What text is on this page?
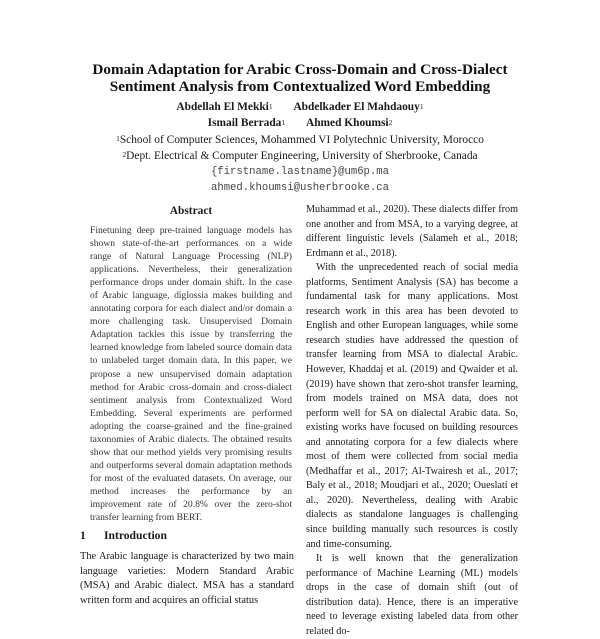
Domain Adaptation for Arabic Cross-Domain and Cross-Dialect
Sentiment Analysis from Contextualized Word Embedding
Abdellah El Mekki$^1$ Abdelkader El Mahdaouy$^1$
Ismail Berrada$^1$ Ahmed Khoumsi$^2$
$^1$School of Computer Sciences, Mohammed VI Polytechnic University, Morocco
$^2$Dept. Electrical & Computer Engineering, University of Sherbrooke, Canada
{firstname.lastname}@um6p.ma
ahmed.khoumsi@usherbrooke.ca
Abstract
Finetuning deep pre-trained language models has shown state-of-the-art performances on a wide range of Natural Language Processing (NLP) applications. Nevertheless, their generalization performance drops under domain shift. In the case of Arabic language, diglossia makes building and annotating corpora for each dialect and/or domain a more challenging task. Unsupervised Domain Adaptation tackles this issue by transferring the learned knowledge from labeled source domain data to unlabeled target domain data. In this paper, we propose a new unsupervised domain adaptation method for Arabic cross-domain and cross-dialect sentiment analysis from Contextualized Word Embedding. Several experiments are performed adopting the coarse-grained and the fine-grained taxonomies of Arabic dialects. The obtained results show that our method yields very promising results and outperforms several domain adaptation methods for most of the evaluated datasets. On average, our method increases the performance by an improvement rate of 20.8% over the zero-shot transfer learning from BERT.
1 Introduction
The Arabic language is characterized by two main language varieties: Modern Standard Arabic (MSA) and Arabic dialect. MSA has a standard written form and acquires an official status

Muhammad et al., 2020). These dialects differ from one another and from MSA, to a varying degree, at different linguistic levels (Salameh et al., 2018; Erdmann et al., 2018).

With the unprecedented reach of social media platforms, Sentiment Analysis (SA) has become a fundamental task for many applications. Most research work in this area has been devoted to English and other European languages, while some research studies have addressed the question of transfer learning from MSA to dialectal Arabic. However, Khaddaj et al. (2019) and Qwaider et al. (2019) have shown that zero-shot transfer learning, from models trained on MSA data, does not perform well for SA on dialectal Arabic data. So, existing works have focused on building resources and annotating corpora for a few dialects where most of them were collected from social media (Medhaffar et al., 2017; Al-Twairesh et al., 2017; Baly et al., 2018; Moudjari et al., 2020; Oueslati et al., 2020). Nevertheless, dealing with Arabic dialects as standalone languages is challenging since building manually such resources is costly and time-consuming.

It is well known that the generalization performance of Machine Learning (ML) models drops in the case of domain shift (out of distribution data). Hence, there is an imperative need to leverage existing labeled data from other related do-
